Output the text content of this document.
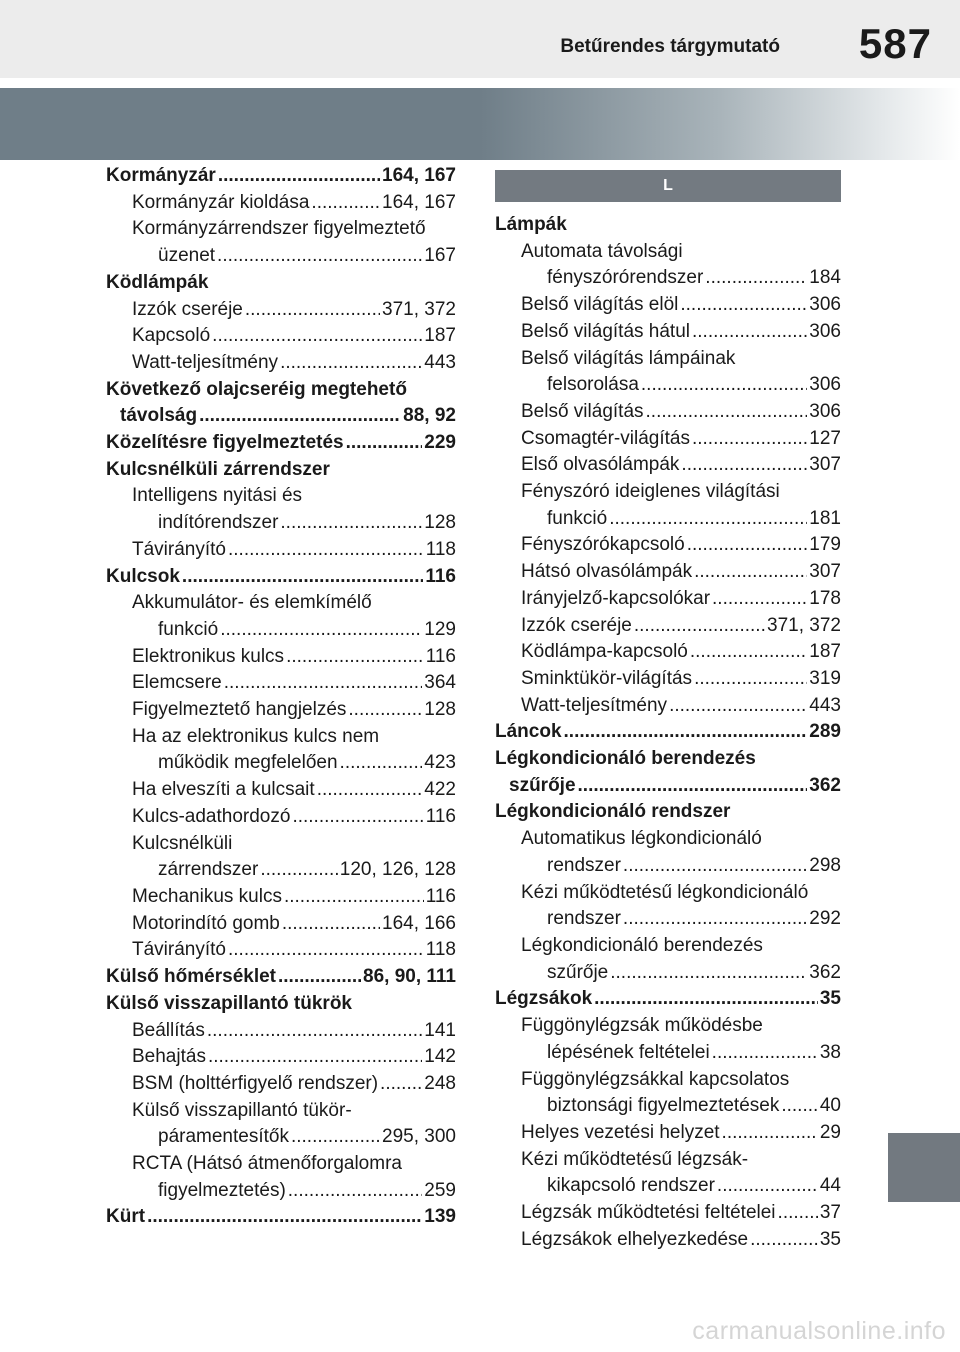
Betűrendes tárgymutató 587
Kormányzár .....	164, 167
Kormányzár kioldása .....	164, 167
Kormányzárrendszer figyelmeztető
üzenet .....	167
Ködlámpák
Izzók cseréje .....	371, 372
Kapcsoló .....	187
Watt-teljesítmény .....	443
Következő olajcseréig megtehető
távolság .....	88, 92
Közelítésre figyelmeztetés .....	229
Kulcsnélküli zárrendszer
Intelligens nyitási és
indítórendszer .....	128
Távirányító .....	118
Kulcsok .....	116
Akkumulátor- és elemkímélő
funkció .....	129
Elektronikus kulcs .....	116
Elemcsere .....	364
Figyelmeztető hangjelzés .....	128
Ha az elektronikus kulcs nem
működik megfelelően .....	423
Ha elveszíti a kulcsait .....	422
Kulcs-adathordozó .....	116
Kulcsnélküli
zárrendszer .....	120, 126, 128
Mechanikus kulcs .....	116
Motorindító gomb .....	164, 166
Távirányító .....	118
Külső hőmérséklet .....	86, 90, 111
Külső visszapillantó tükrök
Beállítás .....	141
Behajtás .....	142
BSM (holttérfigyelő rendszer) ..... 248
Külső visszapillantó tükör-
páramentesítők .....	295, 300
RCTA (Hátsó átmenőforgalomra
figyelmeztetés) .....	259
Kürt .....	139
L
Lámpák
Automata távolsági
fényszórórendszer .....	184
Belső világítás elöl .....	306
Belső világítás hátul .....	306
Belső világítás lámpáinak
felsorolása .....	306
Belső világítás .....	306
Csomagtér-világítás .....	127
Első olvasólámpák .....	307
Fényszóró ideiglenes világítási
funkció .....	181
Fényszórókapcsoló .....	179
Hátsó olvasólámpák .....	307
Irányjelző-kapcsolókar .....	178
Izzók cseréje .....	371, 372
Ködlámpa-kapcsoló .....	187
Sminktükör-világítás .....	319
Watt-teljesítmény .....	443
Láncok .....	289
Légkondicionáló berendezés
szűrője .....	362
Légkondicionáló rendszer
Automatikus légkondicionáló
rendszer .....	298
Kézi működtetésű légkondicionáló
rendszer .....	292
Légkondicionáló berendezés
szűrője .....	362
Légzsákok .....	35
Függönylégzsák működésbe
lépésének feltételei .....	38
Függönylégzsákkal kapcsolatos
biztonsági figyelmeztetések ..... 40
Helyes vezetési helyzet .....	29
Kézi működtetésű légzsák-
kikapcsoló rendszer .....	44
Légzsák működtetési feltételei ..... 37
Légzsákok elhelyezkedése .....	35
carmanualsonline.info
